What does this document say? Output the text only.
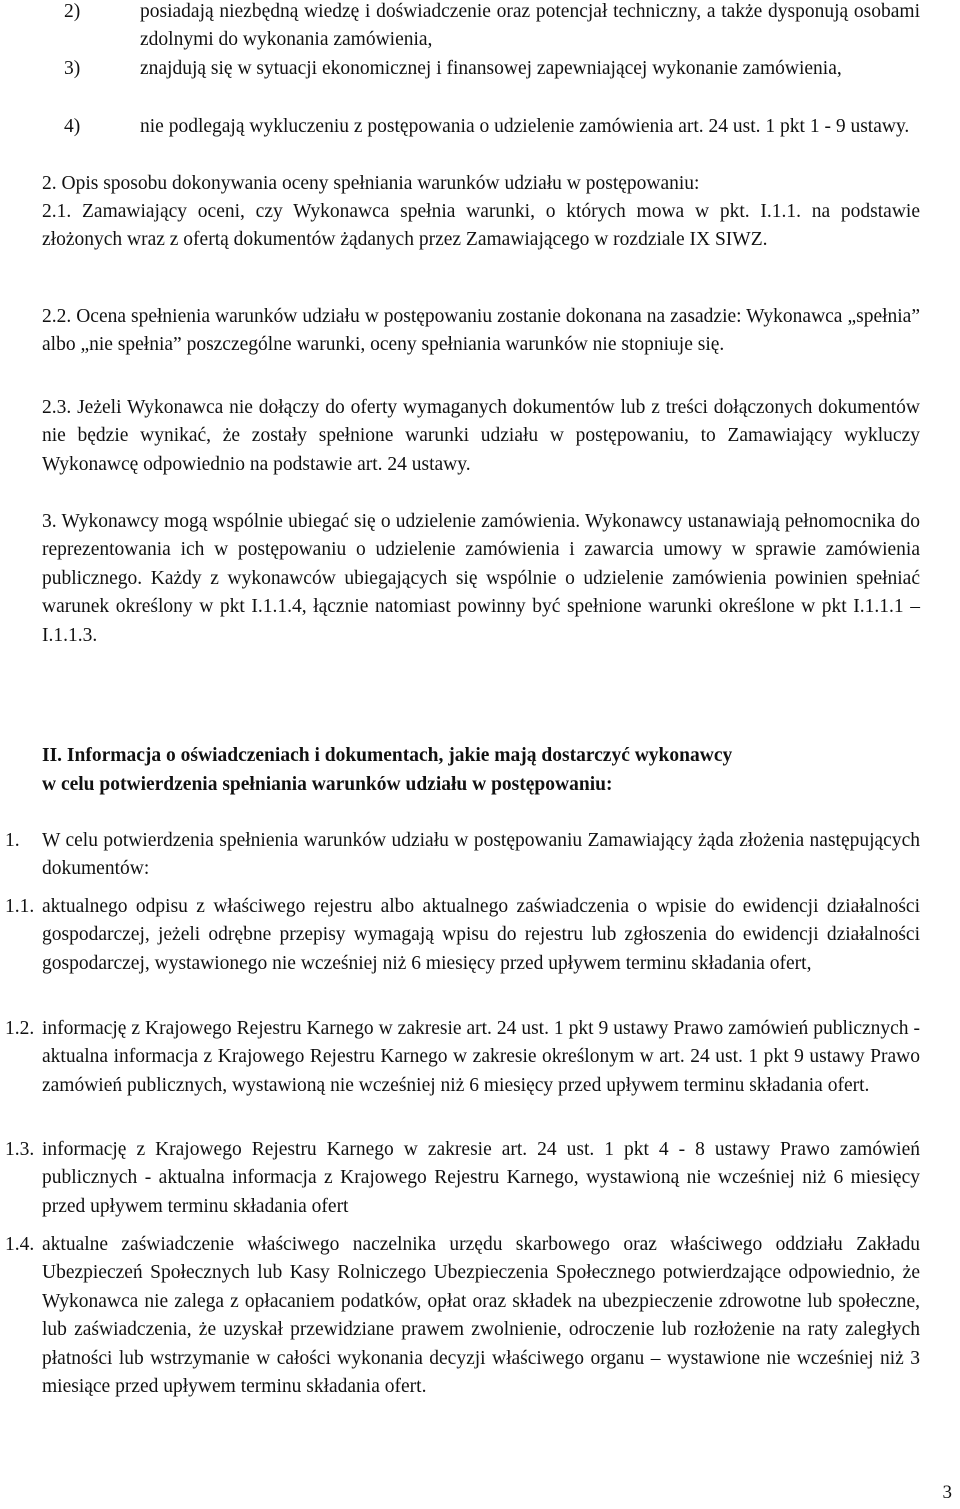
2)	posiadają niezbędną wiedzę i doświadczenie oraz potencjał techniczny, a także dysponują osobami zdolnymi do wykonania zamówienia,
3)	znajdują się w sytuacji ekonomicznej i finansowej zapewniającej wykonanie zamówienia,
4)	nie podlegają wykluczeniu z postępowania o udzielenie zamówienia art. 24 ust. 1 pkt 1 - 9 ustawy.

2. Opis sposobu dokonywania oceny spełniania warunków udziału w postępowaniu:

2.1. Zamawiający oceni, czy Wykonawca spełnia warunki, o których mowa w pkt. I.1.1. na podstawie złożonych wraz z ofertą dokumentów żądanych przez Zamawiającego w rozdziale IX SIWZ.

2.2. Ocena spełnienia warunków udziału w postępowaniu zostanie dokonana na zasadzie: Wykonawca „spełnia” albo „nie spełnia” poszczególne warunki, oceny spełniania warunków nie stopniuje się.

2.3. Jeżeli Wykonawca nie dołączy do oferty wymaganych dokumentów lub z treści dołączonych dokumentów nie będzie wynikać, że zostały spełnione warunki udziału w postępowaniu, to Zamawiający wykluczy Wykonawcę odpowiednio na podstawie art. 24 ustawy.

3. Wykonawcy mogą wspólnie ubiegać się o udzielenie zamówienia. Wykonawcy ustanawiają pełnomocnika do reprezentowania ich w postępowaniu o udzielenie zamówienia i zawarcia umowy w sprawie zamówienia publicznego. Każdy z wykonawców ubiegających się wspólnie o udzielenie zamówienia powinien spełniać warunek określony w pkt I.1.1.4, łącznie natomiast powinny być spełnione warunki określone w pkt I.1.1.1 – I.1.1.3.

II. Informacja o oświadczeniach i dokumentach, jakie mają dostarczyć wykonawcy

w celu potwierdzenia spełniania warunków udziału w postępowaniu:

1. W celu potwierdzenia spełnienia warunków udziału w postępowaniu Zamawiający żąda złożenia następujących dokumentów:
1.1. aktualnego odpisu z właściwego rejestru albo aktualnego zaświadczenia o wpisie do ewidencji działalności gospodarczej, jeżeli odrębne przepisy wymagają wpisu do rejestru lub zgłoszenia do ewidencji działalności gospodarczej, wystawionego nie wcześniej niż 6 miesięcy przed upływem terminu składania ofert,
1.2. informację z Krajowego Rejestru Karnego w zakresie art. 24 ust. 1 pkt 9 ustawy Prawo zamówień publicznych - aktualna informacja z Krajowego Rejestru Karnego w zakresie określonym w art. 24 ust. 1 pkt 9 ustawy Prawo zamówień publicznych, wystawioną nie wcześniej niż 6 miesięcy przed upływem terminu składania ofert.
1.3. informację z Krajowego Rejestru Karnego w zakresie art. 24 ust. 1 pkt 4 - 8 ustawy Prawo zamówień publicznych - aktualna informacja z Krajowego Rejestru Karnego, wystawioną nie wcześniej niż 6 miesięcy przed upływem terminu składania ofert
1.4. aktualne zaświadczenie właściwego naczelnika urzędu skarbowego oraz właściwego oddziału Zakładu Ubezpieczeń Społecznych lub Kasy Rolniczego Ubezpieczenia Społecznego potwierdzające odpowiednio, że Wykonawca nie zalega z opłacaniem podatków, opłat oraz składek na ubezpieczenie zdrowotne lub społeczne, lub zaświadczenia, że uzyskał przewidziane prawem zwolnienie, odroczenie lub rozłożenie na raty zaległych płatności lub wstrzymanie w całości wykonania decyzji właściwego organu – wystawione nie wcześniej niż 3 miesiące przed upływem terminu składania ofert.
3
